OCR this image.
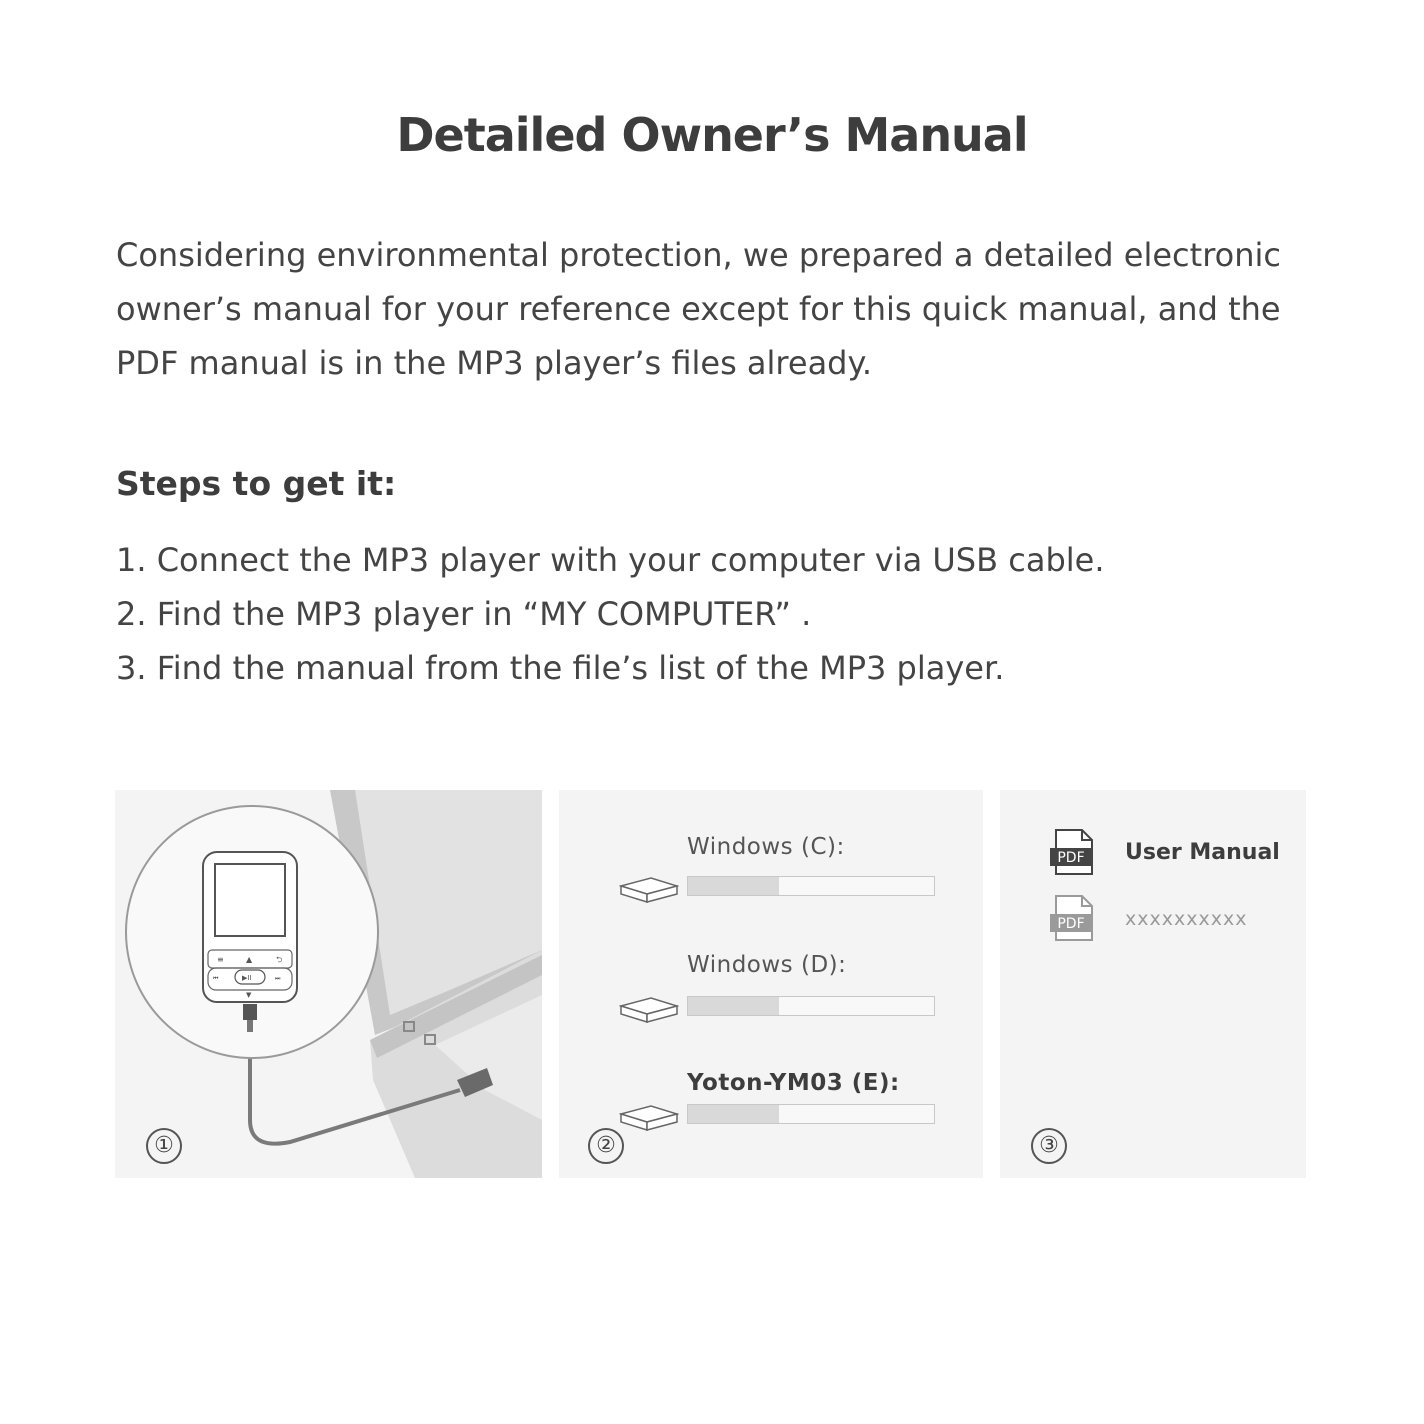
Detailed Owner’s Manual

Considering environmental protection, we prepared a detailed electronic owner’s manual for your reference except for this quick manual, and the PDF manual is in the MP3 player’s files already.

Steps to get it:
1. Connect the MP3 player with your computer via USB cable.
2. Find the MP3 player in “MY COMPUTER” .
3. Find the manual from the file’s list of the MP3 player.
≡	▲	⮌
⏮	▶II	⏭
▼
①
Windows (C):
Windows (D):
Yoton-YM03 (E):
②
PDF User Manual
PDF xxxxxxxxxx
③
